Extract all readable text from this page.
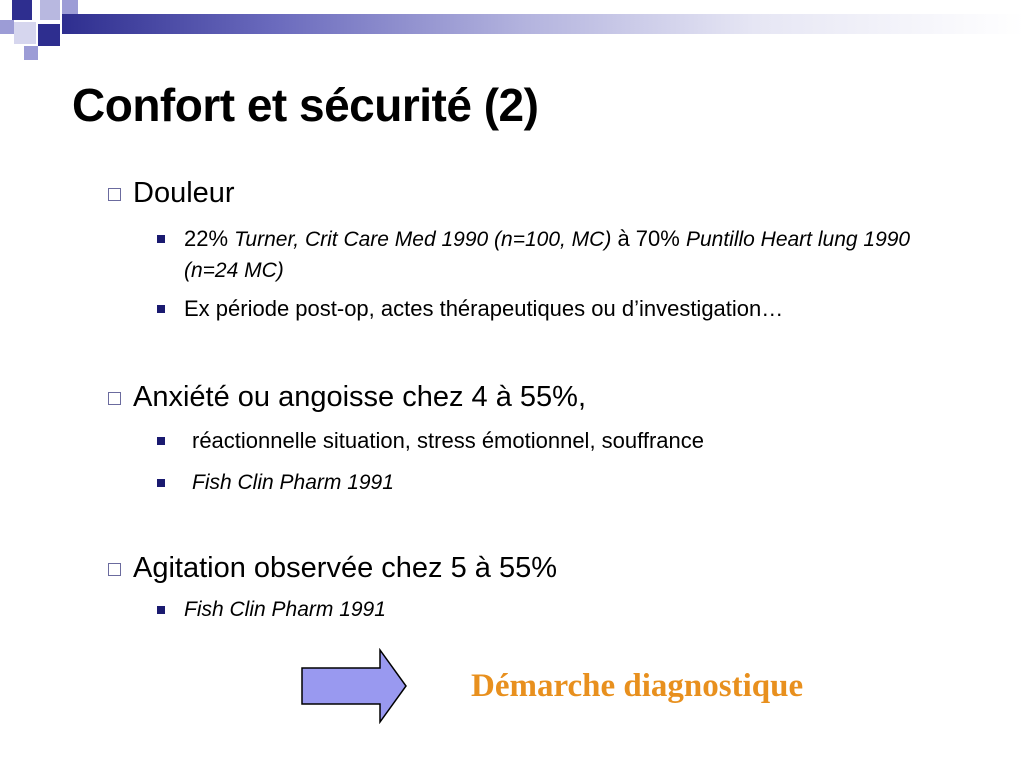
Confort et sécurité (2)
Douleur
22% Turner, Crit Care Med 1990 (n=100, MC) à 70% Puntillo Heart lung 1990 (n=24 MC)
Ex période post-op, actes thérapeutiques ou d’investigation…
Anxiété ou angoisse chez 4 à 55%,
réactionnelle situation, stress émotionnel, souffrance
Fish Clin Pharm 1991
Agitation observée chez 5 à 55%
Fish Clin Pharm 1991
Démarche diagnostique
